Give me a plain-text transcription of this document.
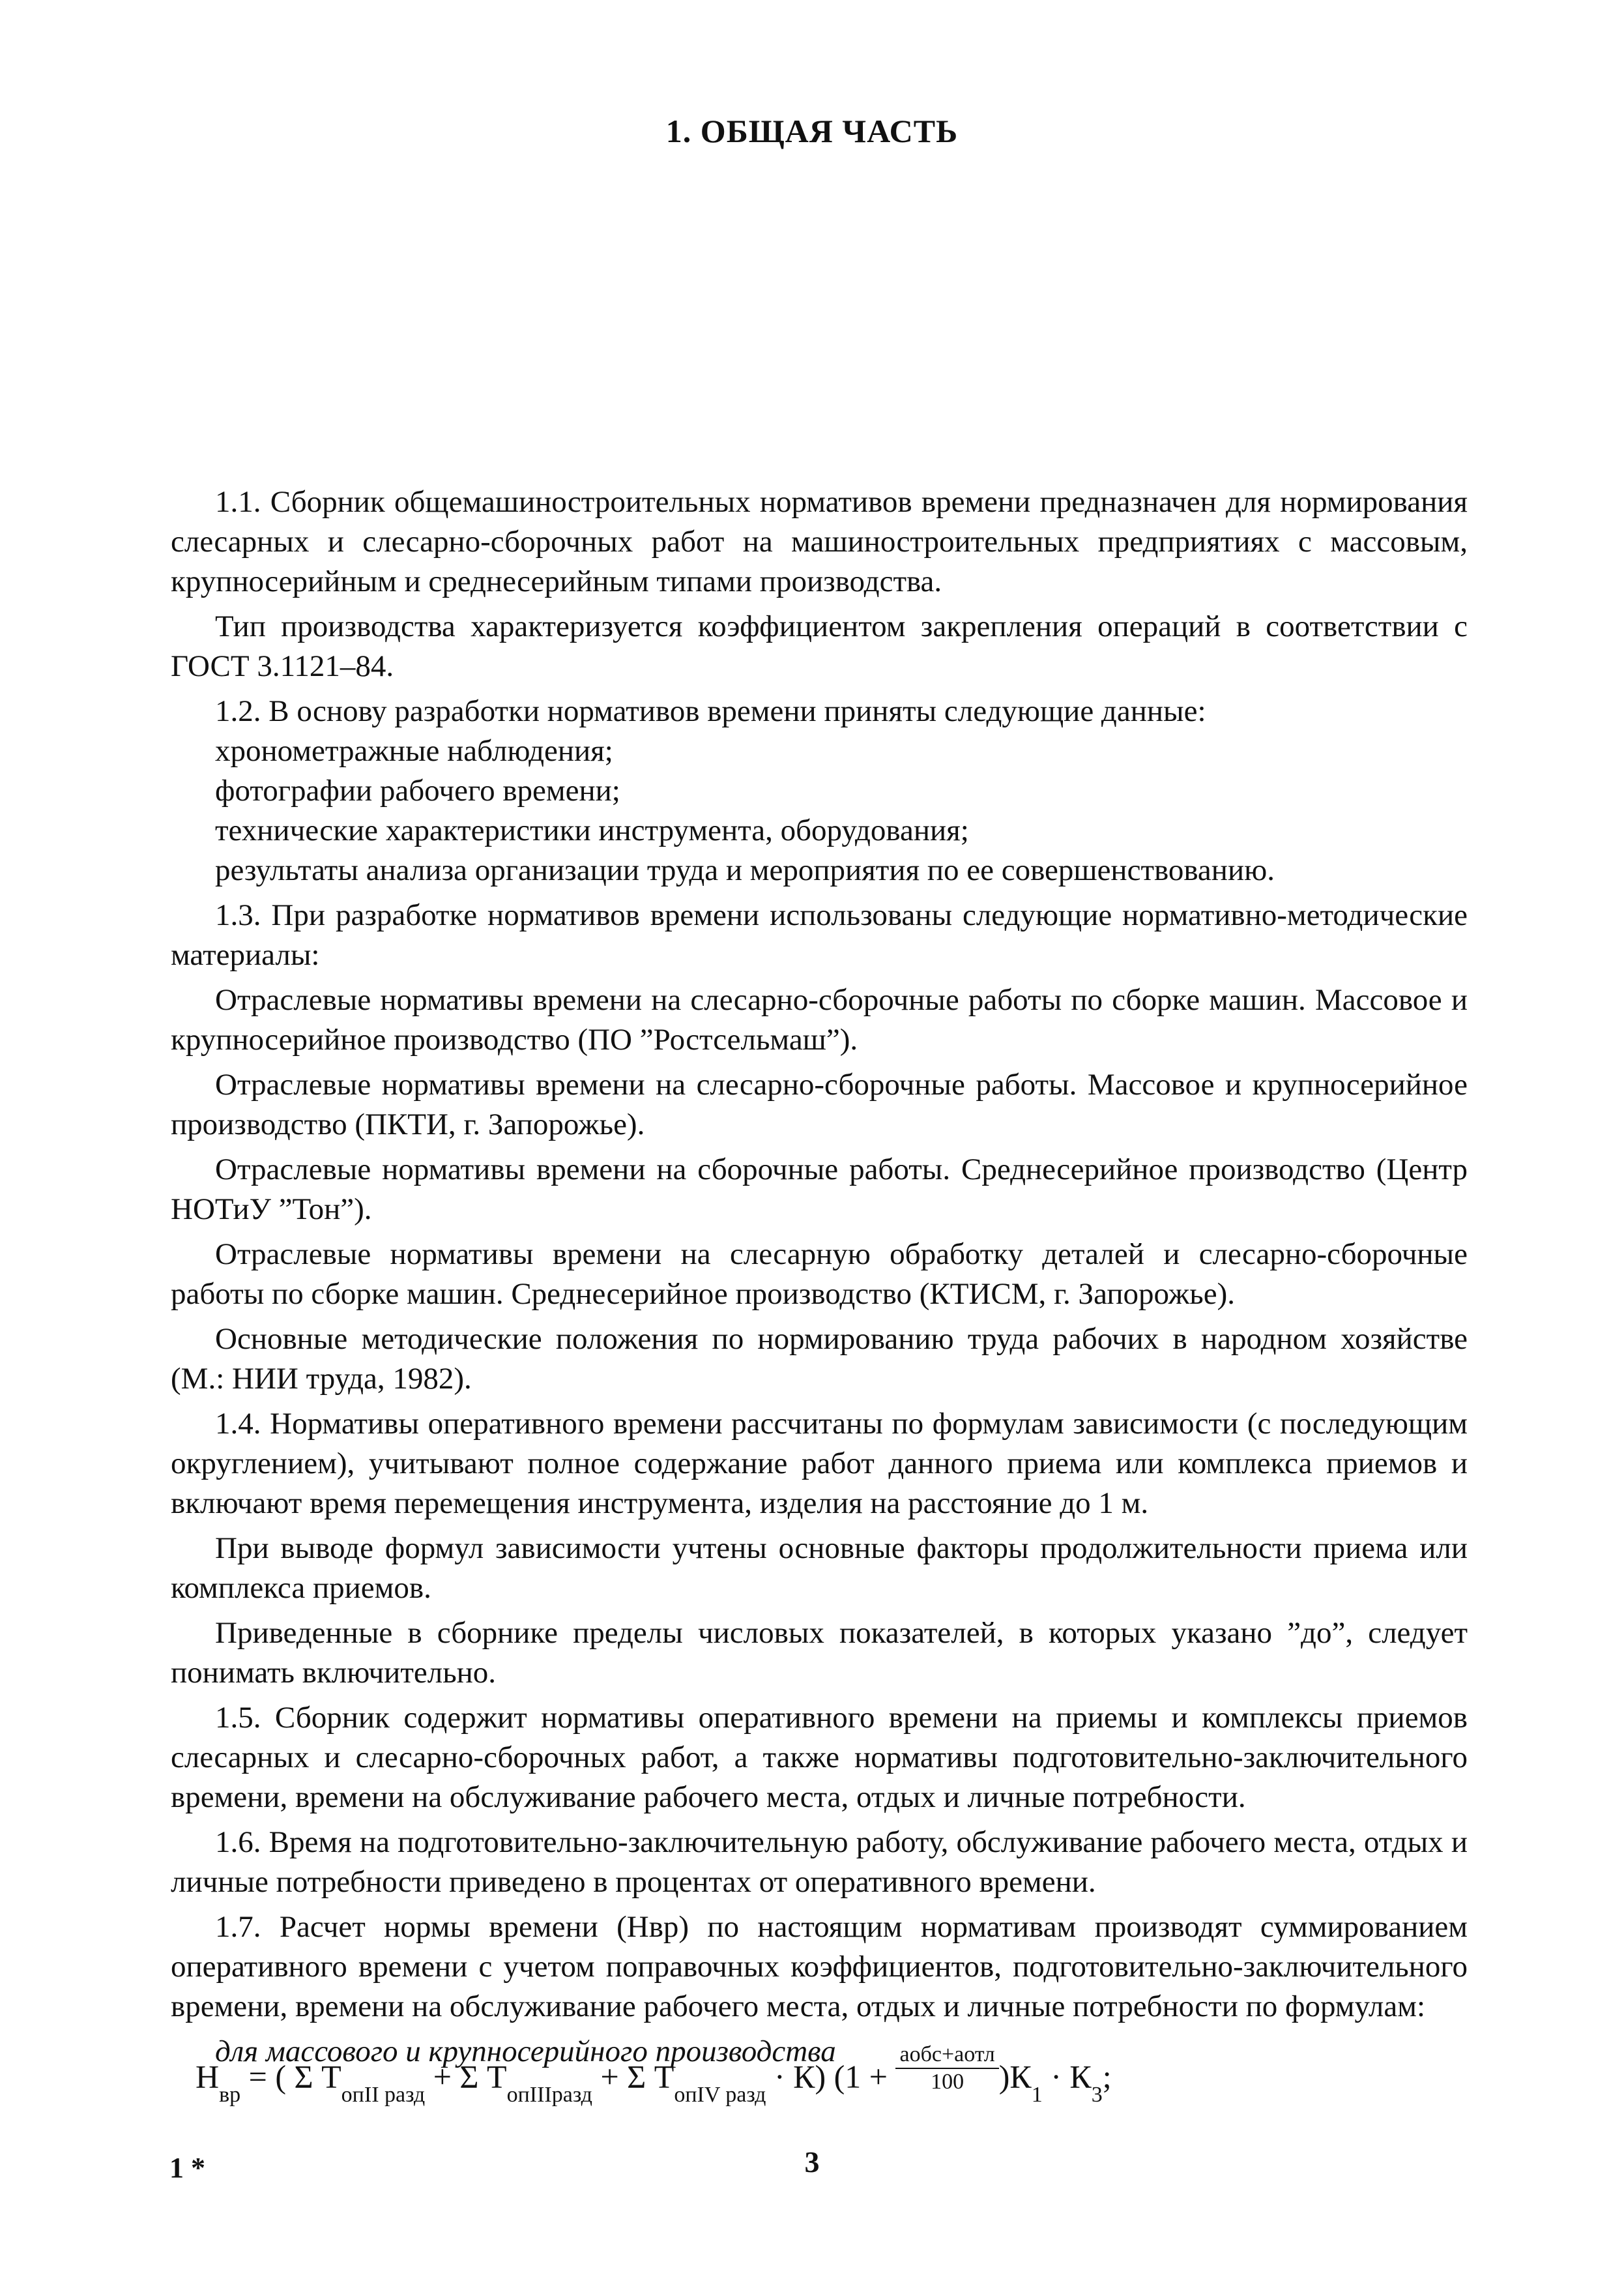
1. ОБЩАЯ ЧАСТЬ

1.1. Сборник общемашиностроительных нормативов времени предназначен для нормирования слесарных и слесарно-сборочных работ на машиностроительных предприятиях с массовым, крупносерийным и среднесерийным типами производства.

Тип производства характеризуется коэффициентом закрепления операций в соответствии с ГОСТ 3.1121–84.

1.2. В основу разработки нормативов времени приняты следующие данные:

хронометражные наблюдения;

фотографии рабочего времени;

технические характеристики инструмента, оборудования;

результаты анализа организации труда и мероприятия по ее совершенствованию.

1.3. При разработке нормативов времени использованы следующие нормативно-методические материалы:

Отраслевые нормативы времени на слесарно-сборочные работы по сборке машин. Массовое и крупносерийное производство (ПО ”Ростсельмаш”).

Отраслевые нормативы времени на слесарно-сборочные работы. Массовое и крупносерийное производство (ПКТИ, г. Запорожье).

Отраслевые нормативы времени на сборочные работы. Среднесерийное производство (Центр НОТиУ ”Тон”).

Отраслевые нормативы времени на слесарную обработку деталей и слесарно-сборочные работы по сборке машин. Среднесерийное производство (КТИСМ, г. Запорожье).

Основные методические положения по нормированию труда рабочих в народном хозяйстве (М.: НИИ труда, 1982).

1.4. Нормативы оперативного времени рассчитаны по формулам зависимости (с последующим округлением), учитывают полное содержание работ данного приема или комплекса приемов и включают время перемещения инструмента, изделия на расстояние до 1 м.

При выводе формул зависимости учтены основные факторы продолжительности приема или комплекса приемов.

Приведенные в сборнике пределы числовых показателей, в которых указано ”до”, следует понимать включительно.

1.5. Сборник содержит нормативы оперативного времени на приемы и комплексы приемов слесарных и слесарно-сборочных работ, а также нормативы подготовительно-заключительного времени, времени на обслуживание рабочего места, отдых и личные потребности.

1.6. Время на подготовительно-заключительную работу, обслуживание рабочего места, отдых и личные потребности приведено в процентах от оперативного времени.

1.7. Расчет нормы времени (Нвр) по настоящим нормативам производят суммированием оперативного времени с учетом поправочных коэффициентов, подготовительно-заключительного времени, времени на обслуживание рабочего места, отдых и личные потребности по формулам:

для массового и крупносерийного производства

$Н_{вр}$ = ( Σ $Т_{опII разд} + \Sigma$ $Т_{опIIIразд} + \Sigma$ $Т_{опIV разд} \cdot К$) $(1 + \frac{\text{aобс+aотл}}{100} )К_1 \cdot К_3$;
1 *	3
